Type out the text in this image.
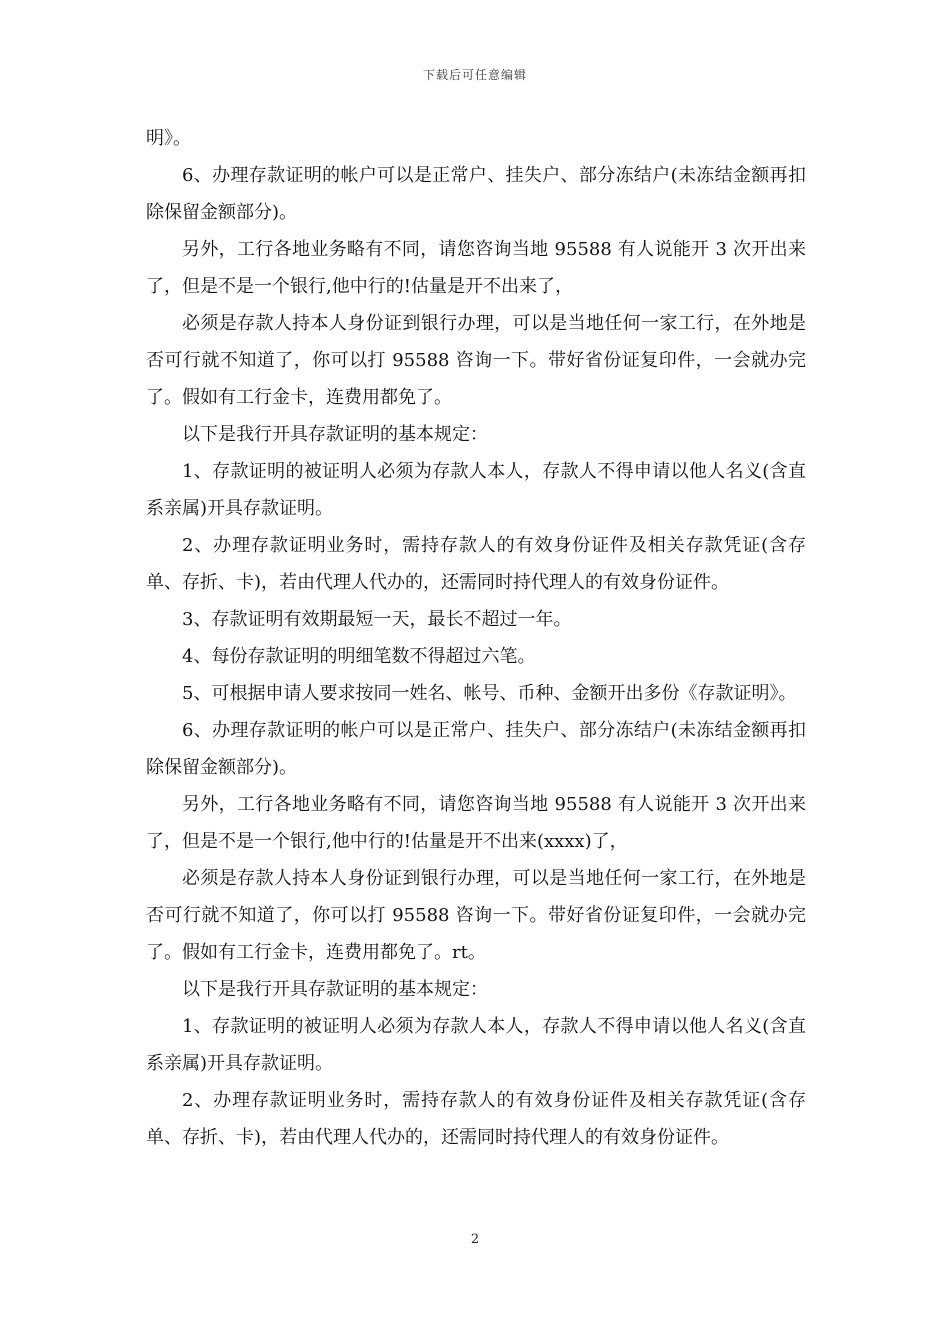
下载后可任意编辑

明》。

6、办理存款证明的帐户可以是正常户、挂失户、部分冻结户(未冻结金额再扣除保留金额部分)。

另外，工行各地业务略有不同，请您咨询当地 95588 有人说能开 3 次开出来了，但是不是一个银行,他中行的!估量是开不出来了，

必须是存款人持本人身份证到银行办理，可以是当地任何一家工行，在外地是否可行就不知道了，你可以打 95588 咨询一下。带好省份证复印件，一会就办完了。假如有工行金卡，连费用都免了。

以下是我行开具存款证明的基本规定：

1、存款证明的被证明人必须为存款人本人，存款人不得申请以他人名义(含直系亲属)开具存款证明。

2、办理存款证明业务时，需持存款人的有效身份证件及相关存款凭证(含存单、存折、卡)，若由代理人代办的，还需同时持代理人的有效身份证件。

3、存款证明有效期最短一天，最长不超过一年。

4、每份存款证明的明细笔数不得超过六笔。

5、可根据申请人要求按同一姓名、帐号、币种、金额开出多份《存款证明》。

6、办理存款证明的帐户可以是正常户、挂失户、部分冻结户(未冻结金额再扣除保留金额部分)。

另外，工行各地业务略有不同，请您咨询当地 95588 有人说能开 3 次开出来了，但是不是一个银行,他中行的!估量是开不出来(xxxx)了，

必须是存款人持本人身份证到银行办理，可以是当地任何一家工行，在外地是否可行就不知道了，你可以打 95588 咨询一下。带好省份证复印件，一会就办完了。假如有工行金卡，连费用都免了。rt。

以下是我行开具存款证明的基本规定：

1、存款证明的被证明人必须为存款人本人，存款人不得申请以他人名义(含直系亲属)开具存款证明。

2、办理存款证明业务时，需持存款人的有效身份证件及相关存款凭证(含存单、存折、卡)，若由代理人代办的，还需同时持代理人的有效身份证件。

2
